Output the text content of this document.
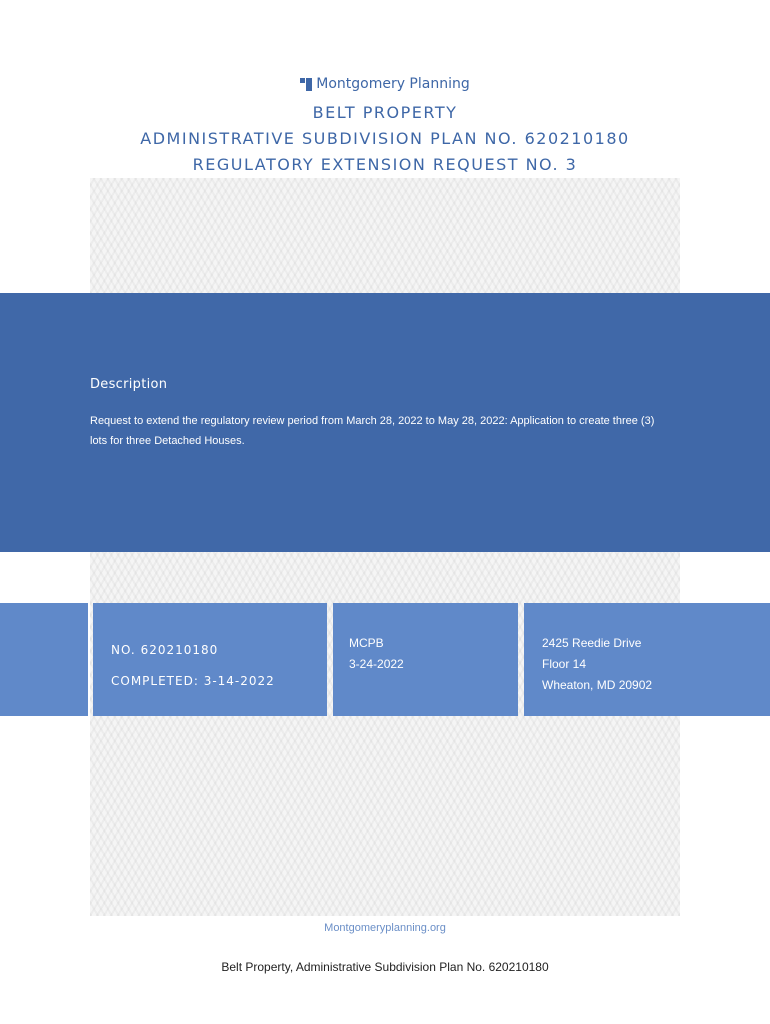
Montgomery Planning
BELT PROPERTY
ADMINISTRATIVE SUBDIVISION PLAN NO. 620210180
REGULATORY EXTENSION REQUEST NO. 3
Description
Request to extend the regulatory review period from March 28, 2022 to May 28, 2022: Application to create three (3) lots for three Detached Houses.
NO. 620210180
COMPLETED: 3-14-2022
MCPB
3-24-2022
2425 Reedie Drive
Floor 14
Wheaton, MD 20902
Montgomeryplanning.org
Belt Property, Administrative Subdivision Plan No. 620210180
